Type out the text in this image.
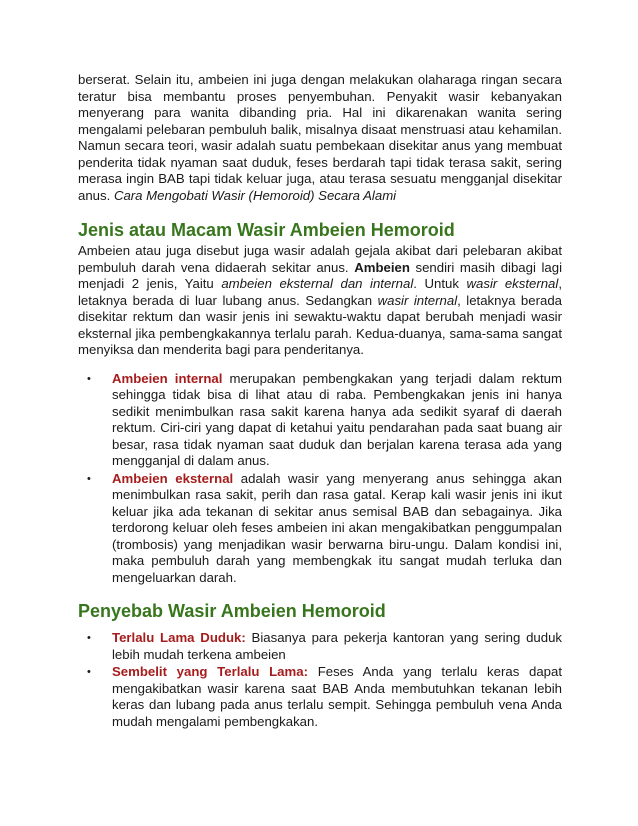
berserat. Selain itu, ambeien ini juga dengan melakukan olaharaga ringan secara teratur bisa membantu proses penyembuhan. Penyakit wasir kebanyakan menyerang para wanita dibanding pria. Hal ini dikarenakan wanita sering mengalami pelebaran pembuluh balik, misalnya disaat menstruasi atau kehamilan. Namun secara teori, wasir adalah suatu pembekaan disekitar anus yang membuat penderita tidak nyaman saat duduk, feses berdarah tapi tidak terasa sakit, sering merasa ingin BAB tapi tidak keluar juga, atau terasa sesuatu mengganjal disekitar anus. Cara Mengobati Wasir (Hemoroid) Secara Alami

Jenis atau Macam Wasir Ambeien Hemoroid

Ambeien atau juga disebut juga wasir adalah gejala akibat dari pelebaran akibat pembuluh darah vena didaerah sekitar anus. Ambeien sendiri masih dibagi lagi menjadi 2 jenis, Yaitu ambeien eksternal dan internal. Untuk wasir eksternal, letaknya berada di luar lubang anus. Sedangkan wasir internal, letaknya berada disekitar rektum dan wasir jenis ini sewaktu-waktu dapat berubah menjadi wasir eksternal jika pembengkakannya terlalu parah. Kedua-duanya, sama-sama sangat menyiksa dan menderita bagi para penderitanya.

• Ambeien internal merupakan pembengkakan yang terjadi dalam rektum sehingga tidak bisa di lihat atau di raba. Pembengkakan jenis ini hanya sedikit menimbulkan rasa sakit karena hanya ada sedikit syaraf di daerah rektum. Ciri-ciri yang dapat di ketahui yaitu pendarahan pada saat buang air besar, rasa tidak nyaman saat duduk dan berjalan karena terasa ada yang mengganjal di dalam anus.
• Ambeien eksternal adalah wasir yang menyerang anus sehingga akan menimbulkan rasa sakit, perih dan rasa gatal. Kerap kali wasir jenis ini ikut keluar jika ada tekanan di sekitar anus semisal BAB dan sebagainya. Jika terdorong keluar oleh feses ambeien ini akan mengakibatkan penggumpalan (trombosis) yang menjadikan wasir berwarna biru-ungu. Dalam kondisi ini, maka pembuluh darah yang membengkak itu sangat mudah terluka dan mengeluarkan darah.
Penyebab Wasir Ambeien Hemoroid
• Terlalu Lama Duduk: Biasanya para pekerja kantoran yang sering duduk lebih mudah terkena ambeien
• Sembelit yang Terlalu Lama: Feses Anda yang terlalu keras dapat mengakibatkan wasir karena saat BAB Anda membutuhkan tekanan lebih keras dan lubang pada anus terlalu sempit. Sehingga pembuluh vena Anda mudah mengalami pembengkakan.
